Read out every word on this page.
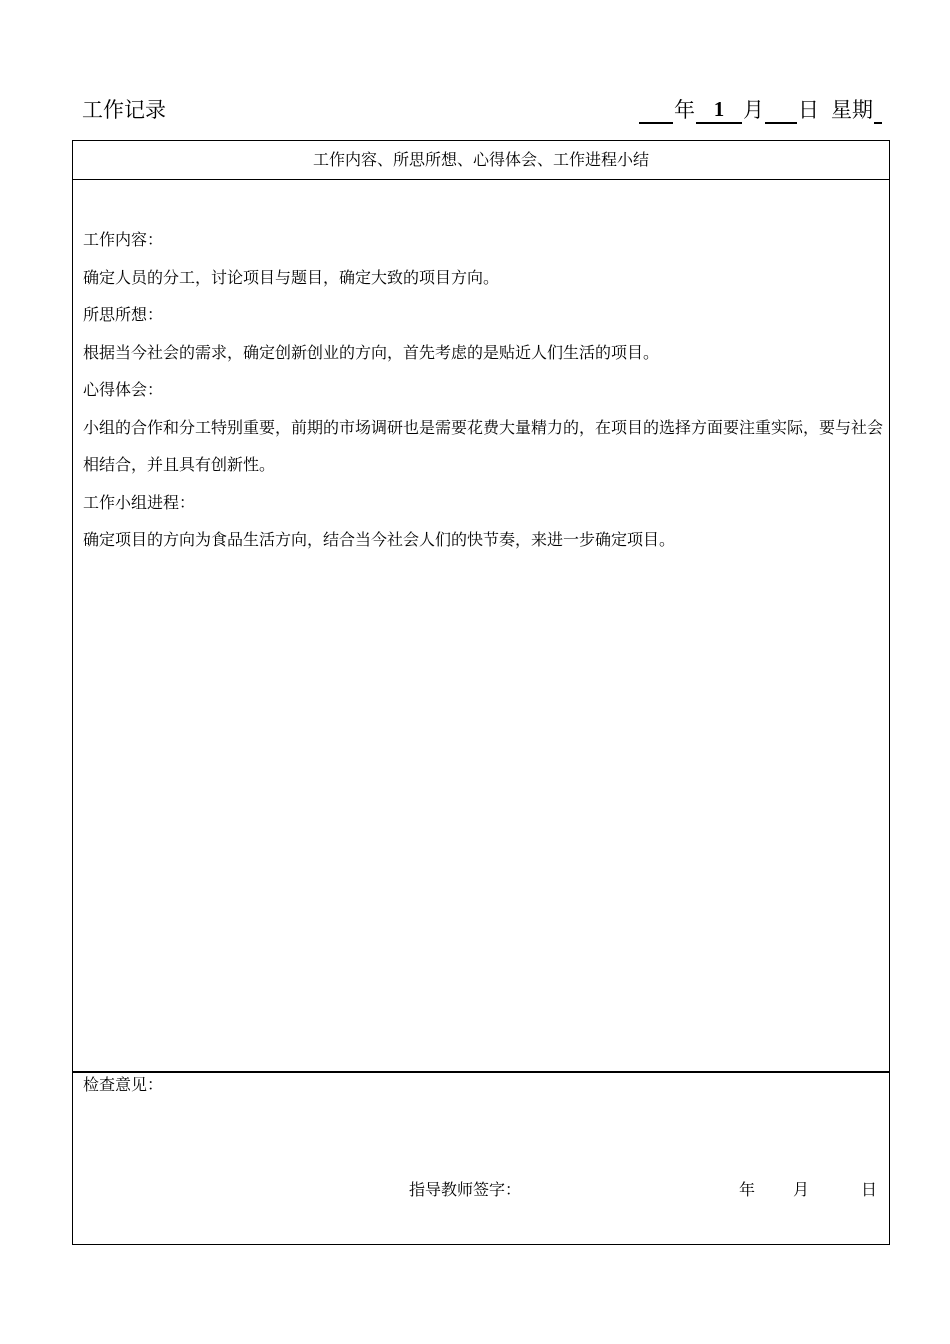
工作记录	年 1 月 日 星期
工作内容、所思所想、心得体会、工作进程小结

工作内容：

确定人员的分工，讨论项目与题目，确定大致的项目方向。

所思所想：

根据当今社会的需求，确定创新创业的方向，首先考虑的是贴近人们生活的项目。

心得体会：

小组的合作和分工特别重要，前期的市场调研也是需要花费大量精力的，在项目的选择方面要注重实际，要与社会相结合，并且具有创新性。

工作小组进程：

确定项目的方向为食品生活方向，结合当今社会人们的快节奏，来进一步确定项目。

检查意见：
指导教师签字：	年 月	日
